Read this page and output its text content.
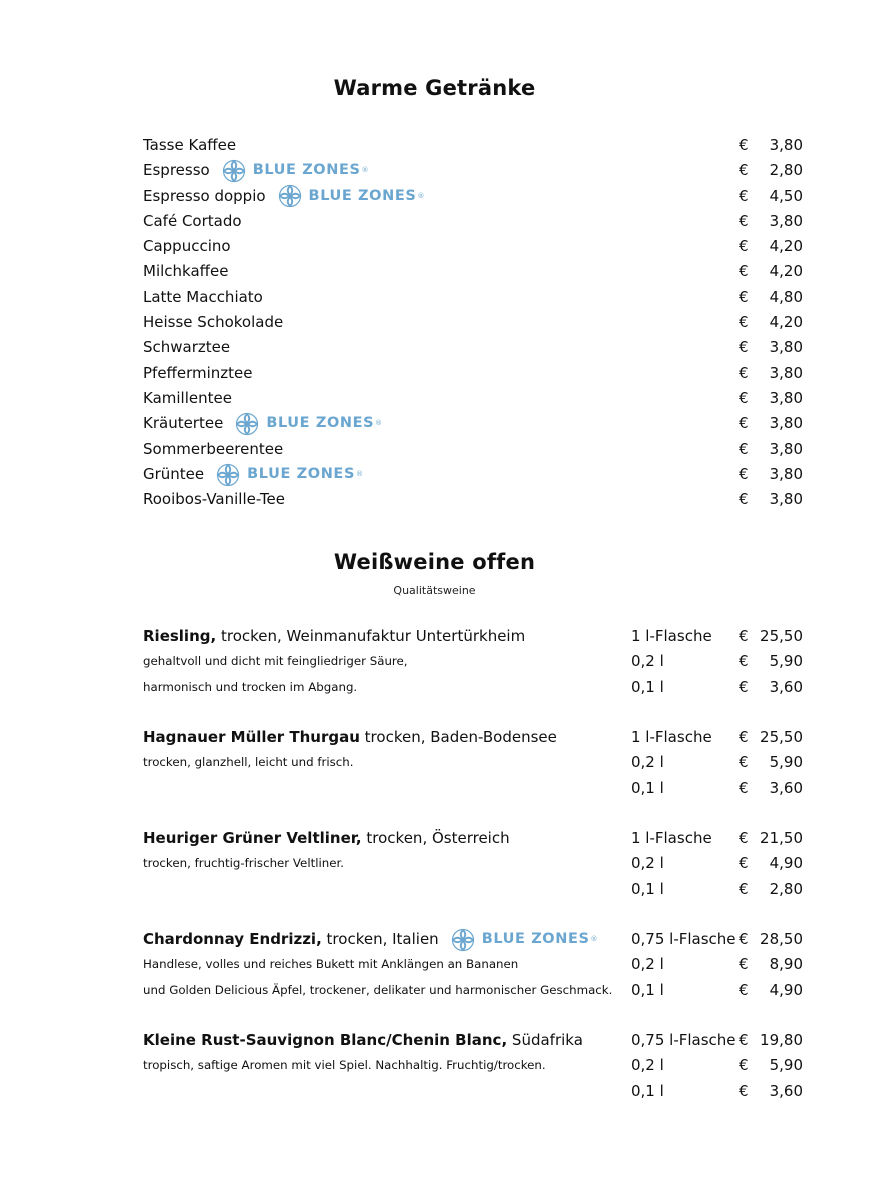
Warme Getränke
Tasse Kaffee	€ 3,80
Espresso	BLUE ZONES ®	€ 2,80
Espresso doppio	BLUE ZONES ®	€ 4,50
Café Cortado	€ 3,80
Cappuccino	€ 4,20
Milchkaffee	€ 4,20
Latte Macchiato	€ 4,80
Heisse Schokolade	€ 4,20
Schwarztee	€ 3,80
Pfefferminztee	€ 3,80
Kamillentee	€ 3,80
Kräutertee	BLUE ZONES ®	€ 3,80
Sommerbeerentee	€ 3,80
Grüntee	BLUE ZONES ®	€ 3,80
Rooibos-Vanille-Tee	€ 3,80
Weißweine offen
Qualitätsweine
Riesling, trocken, Weinmanufaktur Untertürkheim	1 l-Flasche € 25,50
gehaltvoll und dicht mit feingliedriger Säure,	0,2 l	€ 5,90
harmonisch und trocken im Abgang.	0,1 l	€ 3,60
Hagnauer Müller Thurgau trocken, Baden-Bodensee	1 l-Flasche € 25,50
trocken, glanzhell, leicht und frisch.	0,2 l	€ 5,90
0,1 l	€ 3,60
Heuriger Grüner Veltliner, trocken, Österreich	1 l-Flasche € 21,50
trocken, fruchtig-frischer Veltliner.	0,2 l	€ 4,90
0,1 l	€ 2,80
Chardonnay Endrizzi, trocken, Italien	BLUE ZONES ® 0,75 l-Flasche € 28,50
Handlese, volles und reiches Bukett mit Anklängen an Bananen	0,2 l	€ 8,90
und Golden Delicious Äpfel, trockener, delikater und harmonischer Geschmack. 0,1 l	€ 4,90
Kleine Rust-Sauvignon Blanc/Chenin Blanc, Südafrika	0,75 l-Flasche € 19,80
tropisch, saftige Aromen mit viel Spiel. Nachhaltig. Fruchtig/trocken.	0,2 l	€ 5,90
0,1 l	€ 3,60
